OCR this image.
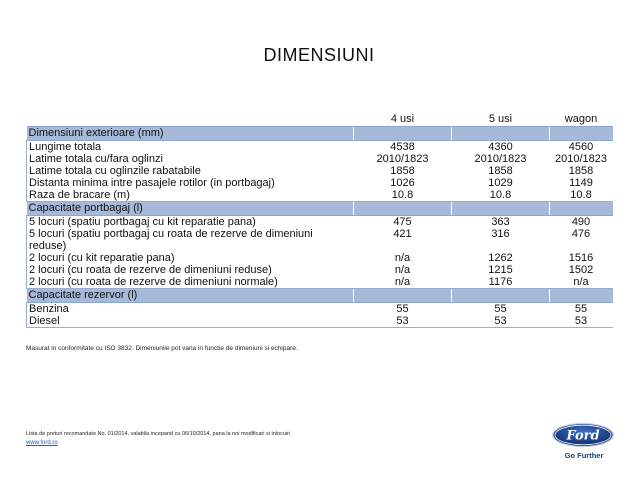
DIMENSIUNI
	4 usi	5 usi	wagon
Dimensiuni exterioare (mm)			
Lungime totala	4538	4360	4560
Latime totala cu/fara oglinzi	2010/1823	2010/1823	2010/1823
Latime totala cu oglinzile rabatabile	1858	1858	1858
Distanta minima intre pasajele rotilor (in portbagaj)	1026	1029	1149
Raza de bracare (m)	10.8	10.8	10.8
Capacitate portbagaj (l)			
5 locuri (spatiu portbagaj cu kit reparatie pana)	475	363	490
5 locuri (spatiu portbagaj cu roata de rezerve de dimeniuni reduse)	421	316	476
2 locuri (cu kit reparatie pana)	n/a	1262	1516
2 locuri (cu roata de rezerve de dimeniuni reduse)	n/a	1215	1502
2 locuri (cu roata de rezerve de dimeniuni normale)	n/a	1176	n/a
Capacitate rezervor (l)			
Benzina	55	55	55
Diesel	53	53	53
Masurat in conformitate cu ISO 3832. Dimeniunile pot varia in functie de dimeniuni si echipare.
Lista de preturi recomandate No. 01/2014, valabila incepand cu 06/10/2014, pana la noi modificari si inlocuiri
www.ford.ro	Ford
Go Further
